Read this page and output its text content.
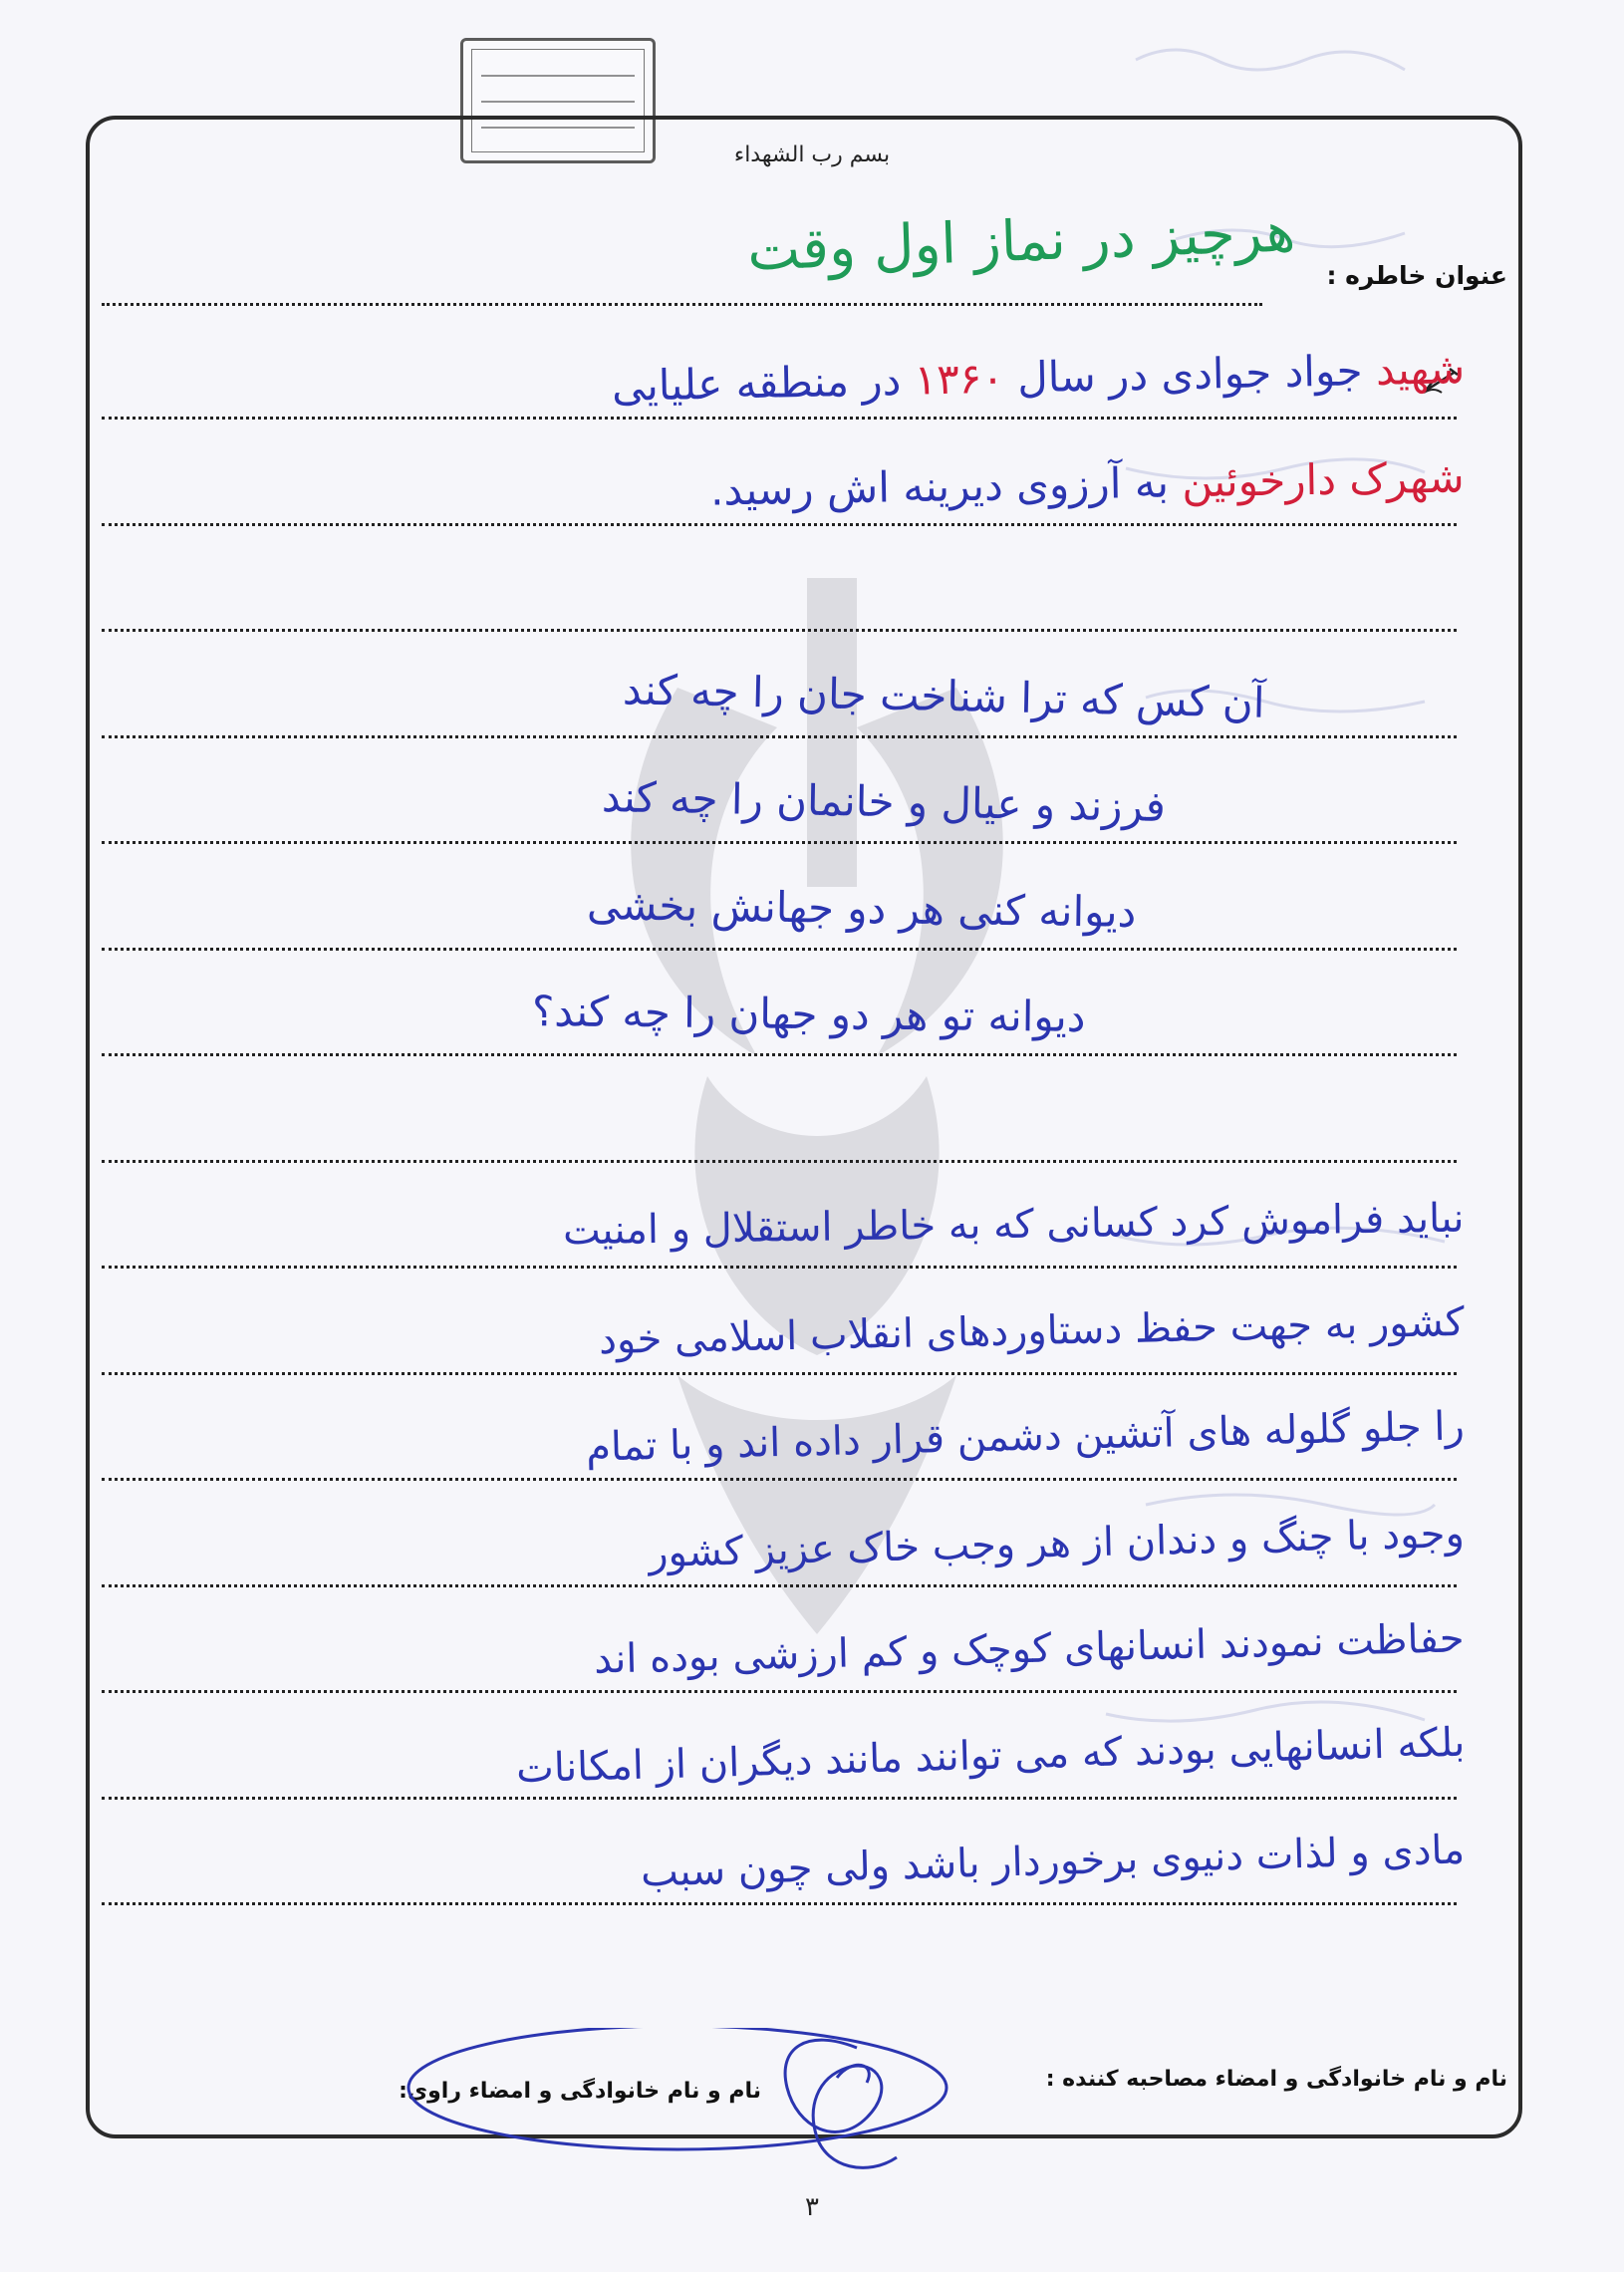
بسم رب الشهداء
عنوان خاطره :
هرچیز در نماز اول وقت
شهید جواد جوادی در سال ۱۳۶۰ در منطقه علیایی
شهرک دارخوئین به آرزوی دیرینه اش رسید.
آن کس که ترا شناخت جان را چه کند
فرزند و عیال و خانمان را چه کند
دیوانه کنی هر دو جهانش بخشی
دیوانه تو هر دو جهان را چه کند؟
نباید فراموش کرد کسانی که به خاطر استقلال و امنیت
کشور به جهت حفظ دستاوردهای انقلاب اسلامی خود
را جلو گلوله های آتشین دشمن قرار داده اند و با تمام
وجود با چنگ و دندان از هر وجب خاک عزیز کشور
حفاظت نمودند انسانهای کوچک و کم ارزشی بوده اند
بلکه انسانهایی بودند که می توانند مانند دیگران از امکانات
مادی و لذات دنیوی برخوردار باشد ولی چون سبب
نام و نام خانوادگی و امضاء مصاحبه کننده :
نام و نام خانوادگی و امضاء راوی:
۳
